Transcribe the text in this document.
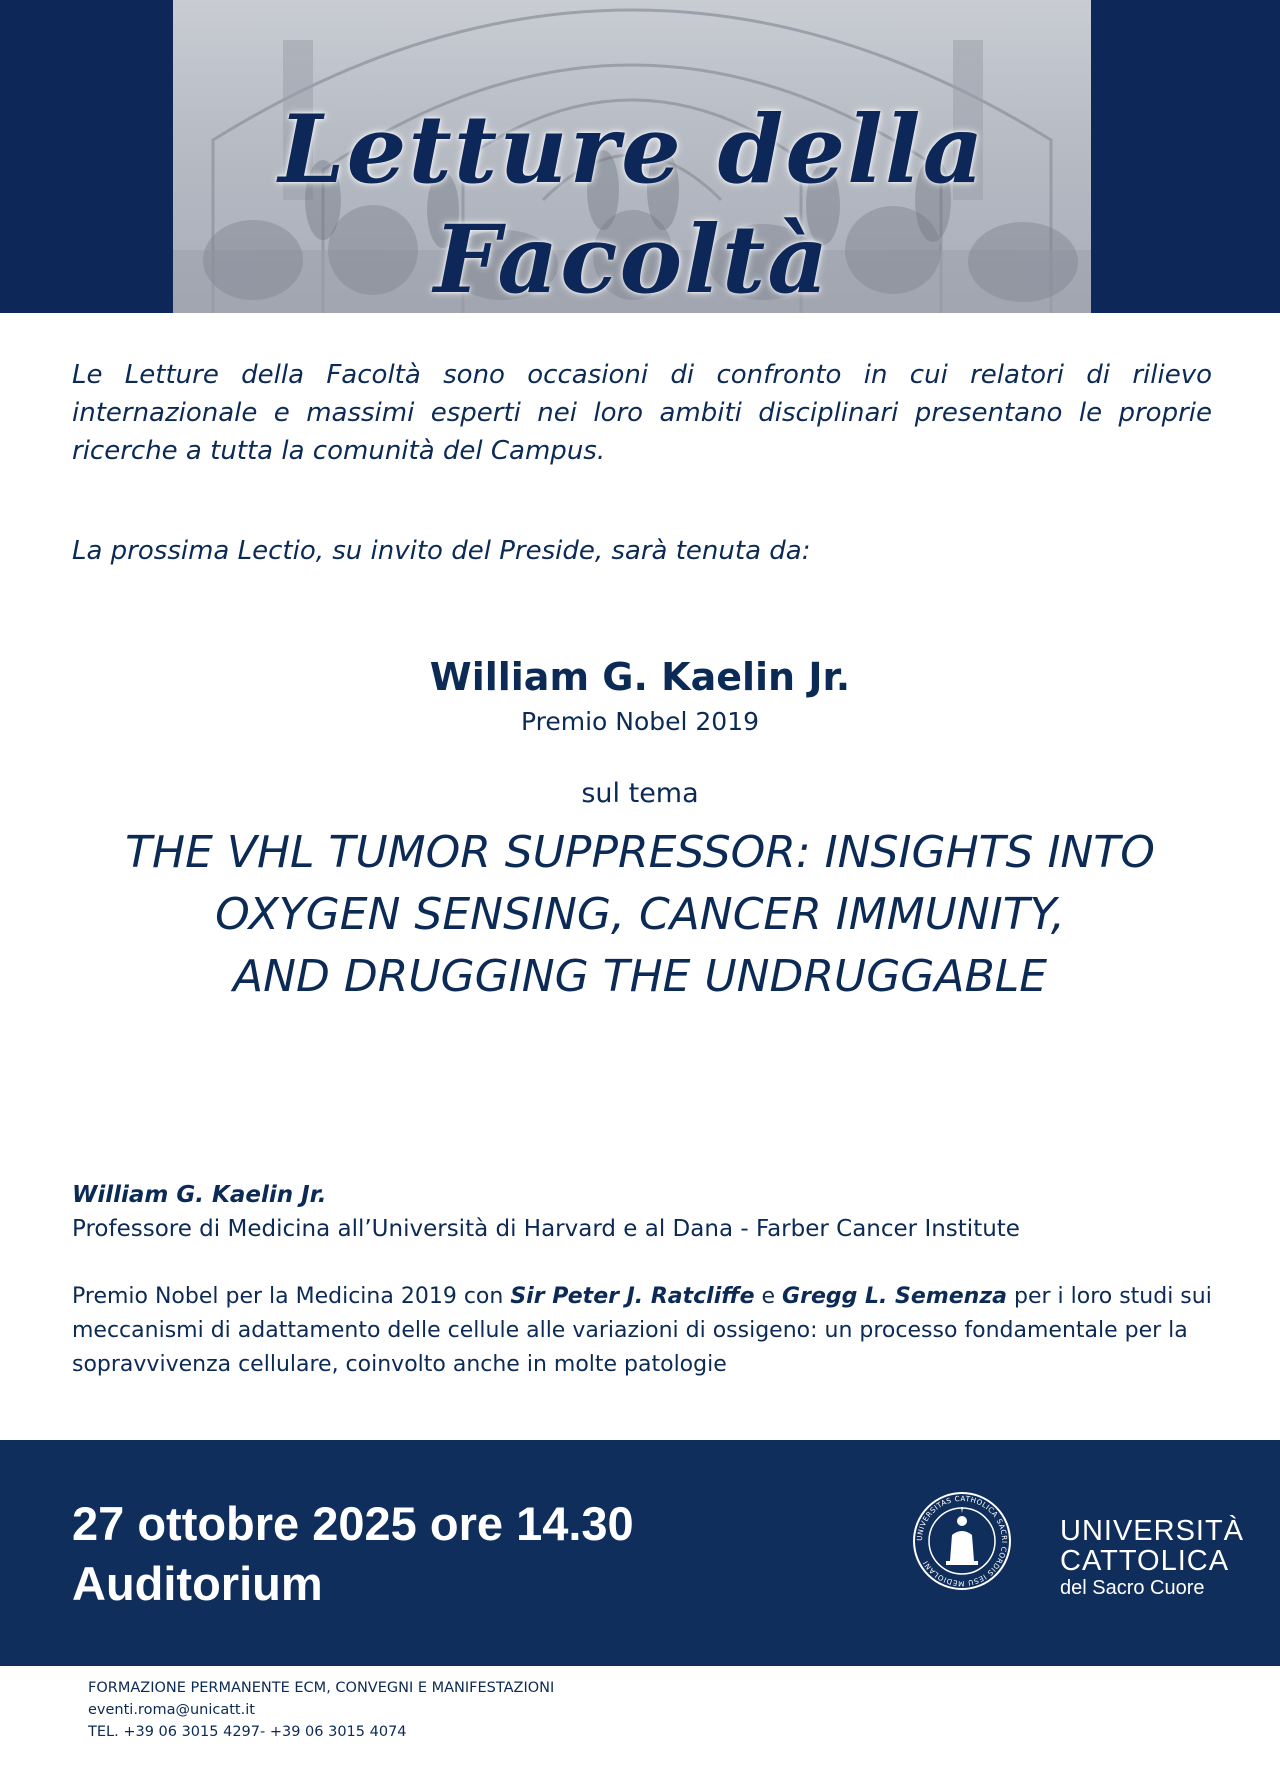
Letture della Facoltà
Le Letture della Facoltà sono occasioni di confronto in cui relatori di rilievo internazionale e massimi esperti nei loro ambiti disciplinari presentano le proprie ricerche a tutta la comunità del Campus.
La prossima Lectio, su invito del Preside, sarà tenuta da:
William G. Kaelin Jr.
Premio Nobel 2019
sul tema
THE VHL TUMOR SUPPRESSOR: INSIGHTS INTO
OXYGEN SENSING, CANCER IMMUNITY,
AND DRUGGING THE UNDRUGGABLE
William G. Kaelin Jr.
Professore di Medicina all’Università di Harvard e al Dana - Farber Cancer Institute
Premio Nobel per la Medicina 2019 con Sir Peter J. Ratcliffe e Gregg L. Semenza per i loro studi sui meccanismi di adattamento delle cellule alle variazioni di ossigeno: un processo fondamentale per la sopravvivenza cellulare, coinvolto anche in molte patologie
27 ottobre 2025 ore 14.30
Auditorium
UNIVERSITAS CATHOLICA SACRI CORDIS IESU MEDIOLANI
UNIVERSITÀ
CATTOLICA
del Sacro Cuore
FORMAZIONE PERMANENTE ECM, CONVEGNI E MANIFESTAZIONI
eventi.roma@unicatt.it
TEL. +39 06 3015 4297- +39 06 3015 4074
